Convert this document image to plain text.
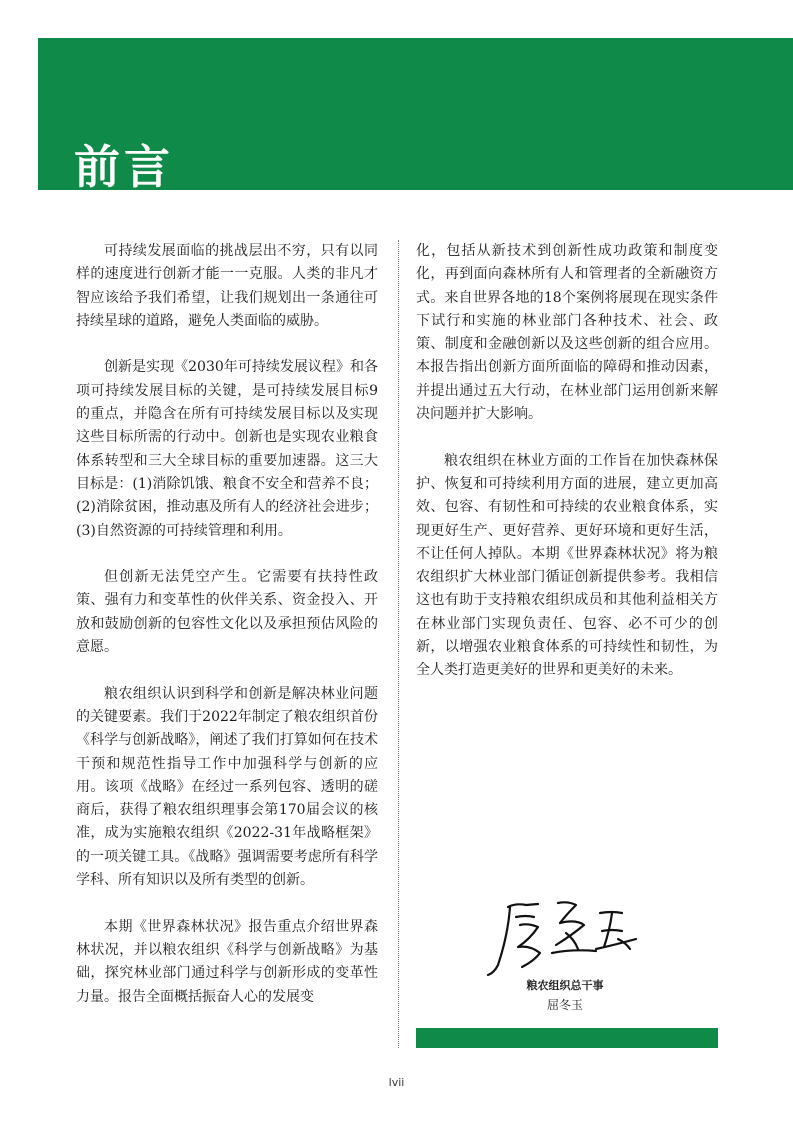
前言

可持续发展面临的挑战层出不穷，只有以同样的速度进行创新才能一一克服。人类的非凡才智应该给予我们希望，让我们规划出一条通往可持续星球的道路，避免人类面临的威胁。

创新是实现《2030年可持续发展议程》和各项可持续发展目标的关键，是可持续发展目标9的重点，并隐含在所有可持续发展目标以及实现这些目标所需的行动中。创新也是实现农业粮食体系转型和三大全球目标的重要加速器。这三大目标是：(1)消除饥饿、粮食不安全和营养不良；(2)消除贫困，推动惠及所有人的经济社会进步；(3)自然资源的可持续管理和利用。

但创新无法凭空产生。它需要有扶持性政策、强有力和变革性的伙伴关系、资金投入、开放和鼓励创新的包容性文化以及承担预估风险的意愿。

粮农组织认识到科学和创新是解决林业问题的关键要素。我们于2022年制定了粮农组织首份《科学与创新战略》，阐述了我们打算如何在技术干预和规范性指导工作中加强科学与创新的应用。该项《战略》在经过一系列包容、透明的磋商后，获得了粮农组织理事会第170届会议的核准，成为实施粮农组织《2022-31年战略框架》的一项关键工具。《战略》强调需要考虑所有科学学科、所有知识以及所有类型的创新。

本期《世界森林状况》报告重点介绍世界森林状况，并以粮农组织《科学与创新战略》为基础，探究林业部门通过科学与创新形成的变革性力量。报告全面概括振奋人心的发展变

化，包括从新技术到创新性成功政策和制度变化，再到面向森林所有人和管理者的全新融资方式。来自世界各地的18个案例将展现在现实条件下试行和实施的林业部门各种技术、社会、政策、制度和金融创新以及这些创新的组合应用。本报告指出创新方面所面临的障碍和推动因素，并提出通过五大行动，在林业部门运用创新来解决问题并扩大影响。

粮农组织在林业方面的工作旨在加快森林保护、恢复和可持续利用方面的进展，建立更加高效、包容、有韧性和可持续的农业粮食体系，实现更好生产、更好营养、更好环境和更好生活，不让任何人掉队。本期《世界森林状况》将为粮农组织扩大林业部门循证创新提供参考。我相信这也有助于支持粮农组织成员和其他利益相关方在林业部门实现负责任、包容、必不可少的创新，以增强农业粮食体系的可持续性和韧性，为全人类打造更美好的世界和更美好的未来。

粮农组织总干事
屈冬玉
lvii
